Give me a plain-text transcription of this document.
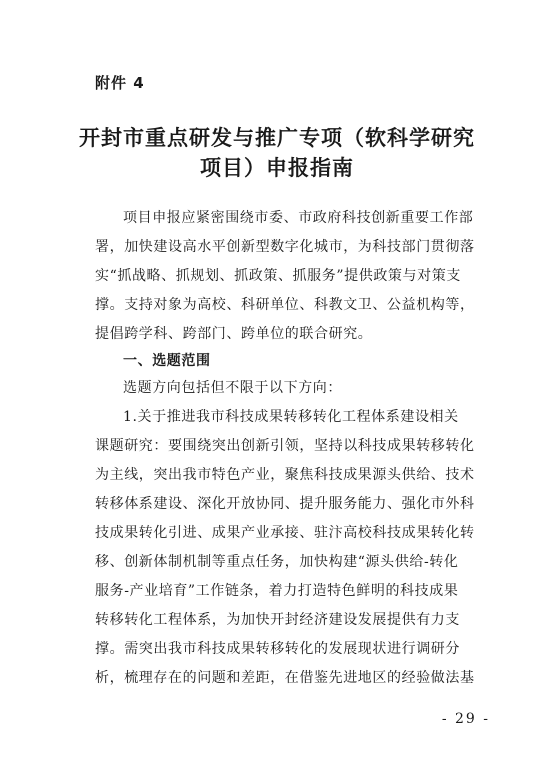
附件 4
开封市重点研发与推广专项（软科学研究
项目）申报指南
项目申报应紧密围绕市委、市政府科技创新重要工作部
署，加快建设高水平创新型数字化城市，为科技部门贯彻落
实“抓战略、抓规划、抓政策、抓服务”提供政策与对策支
撑。支持对象为高校、科研单位、科教文卫、公益机构等，
提倡跨学科、跨部门、跨单位的联合研究。
一、选题范围
选题方向包括但不限于以下方向：
1.关于推进我市科技成果转移转化工程体系建设相关
课题研究：要围绕突出创新引领，坚持以科技成果转移转化
为主线，突出我市特色产业，聚焦科技成果源头供给、技术
转移体系建设、深化开放协同、提升服务能力、强化市外科
技成果转化引进、成果产业承接、驻汴高校科技成果转化转
移、创新体制机制等重点任务，加快构建“源头供给-转化
服务-产业培育”工作链条，着力打造特色鲜明的科技成果
转移转化工程体系，为加快开封经济建设发展提供有力支
撑。需突出我市科技成果转移转化的发展现状进行调研分
析，梳理存在的问题和差距，在借鉴先进地区的经验做法基
- 29 -
